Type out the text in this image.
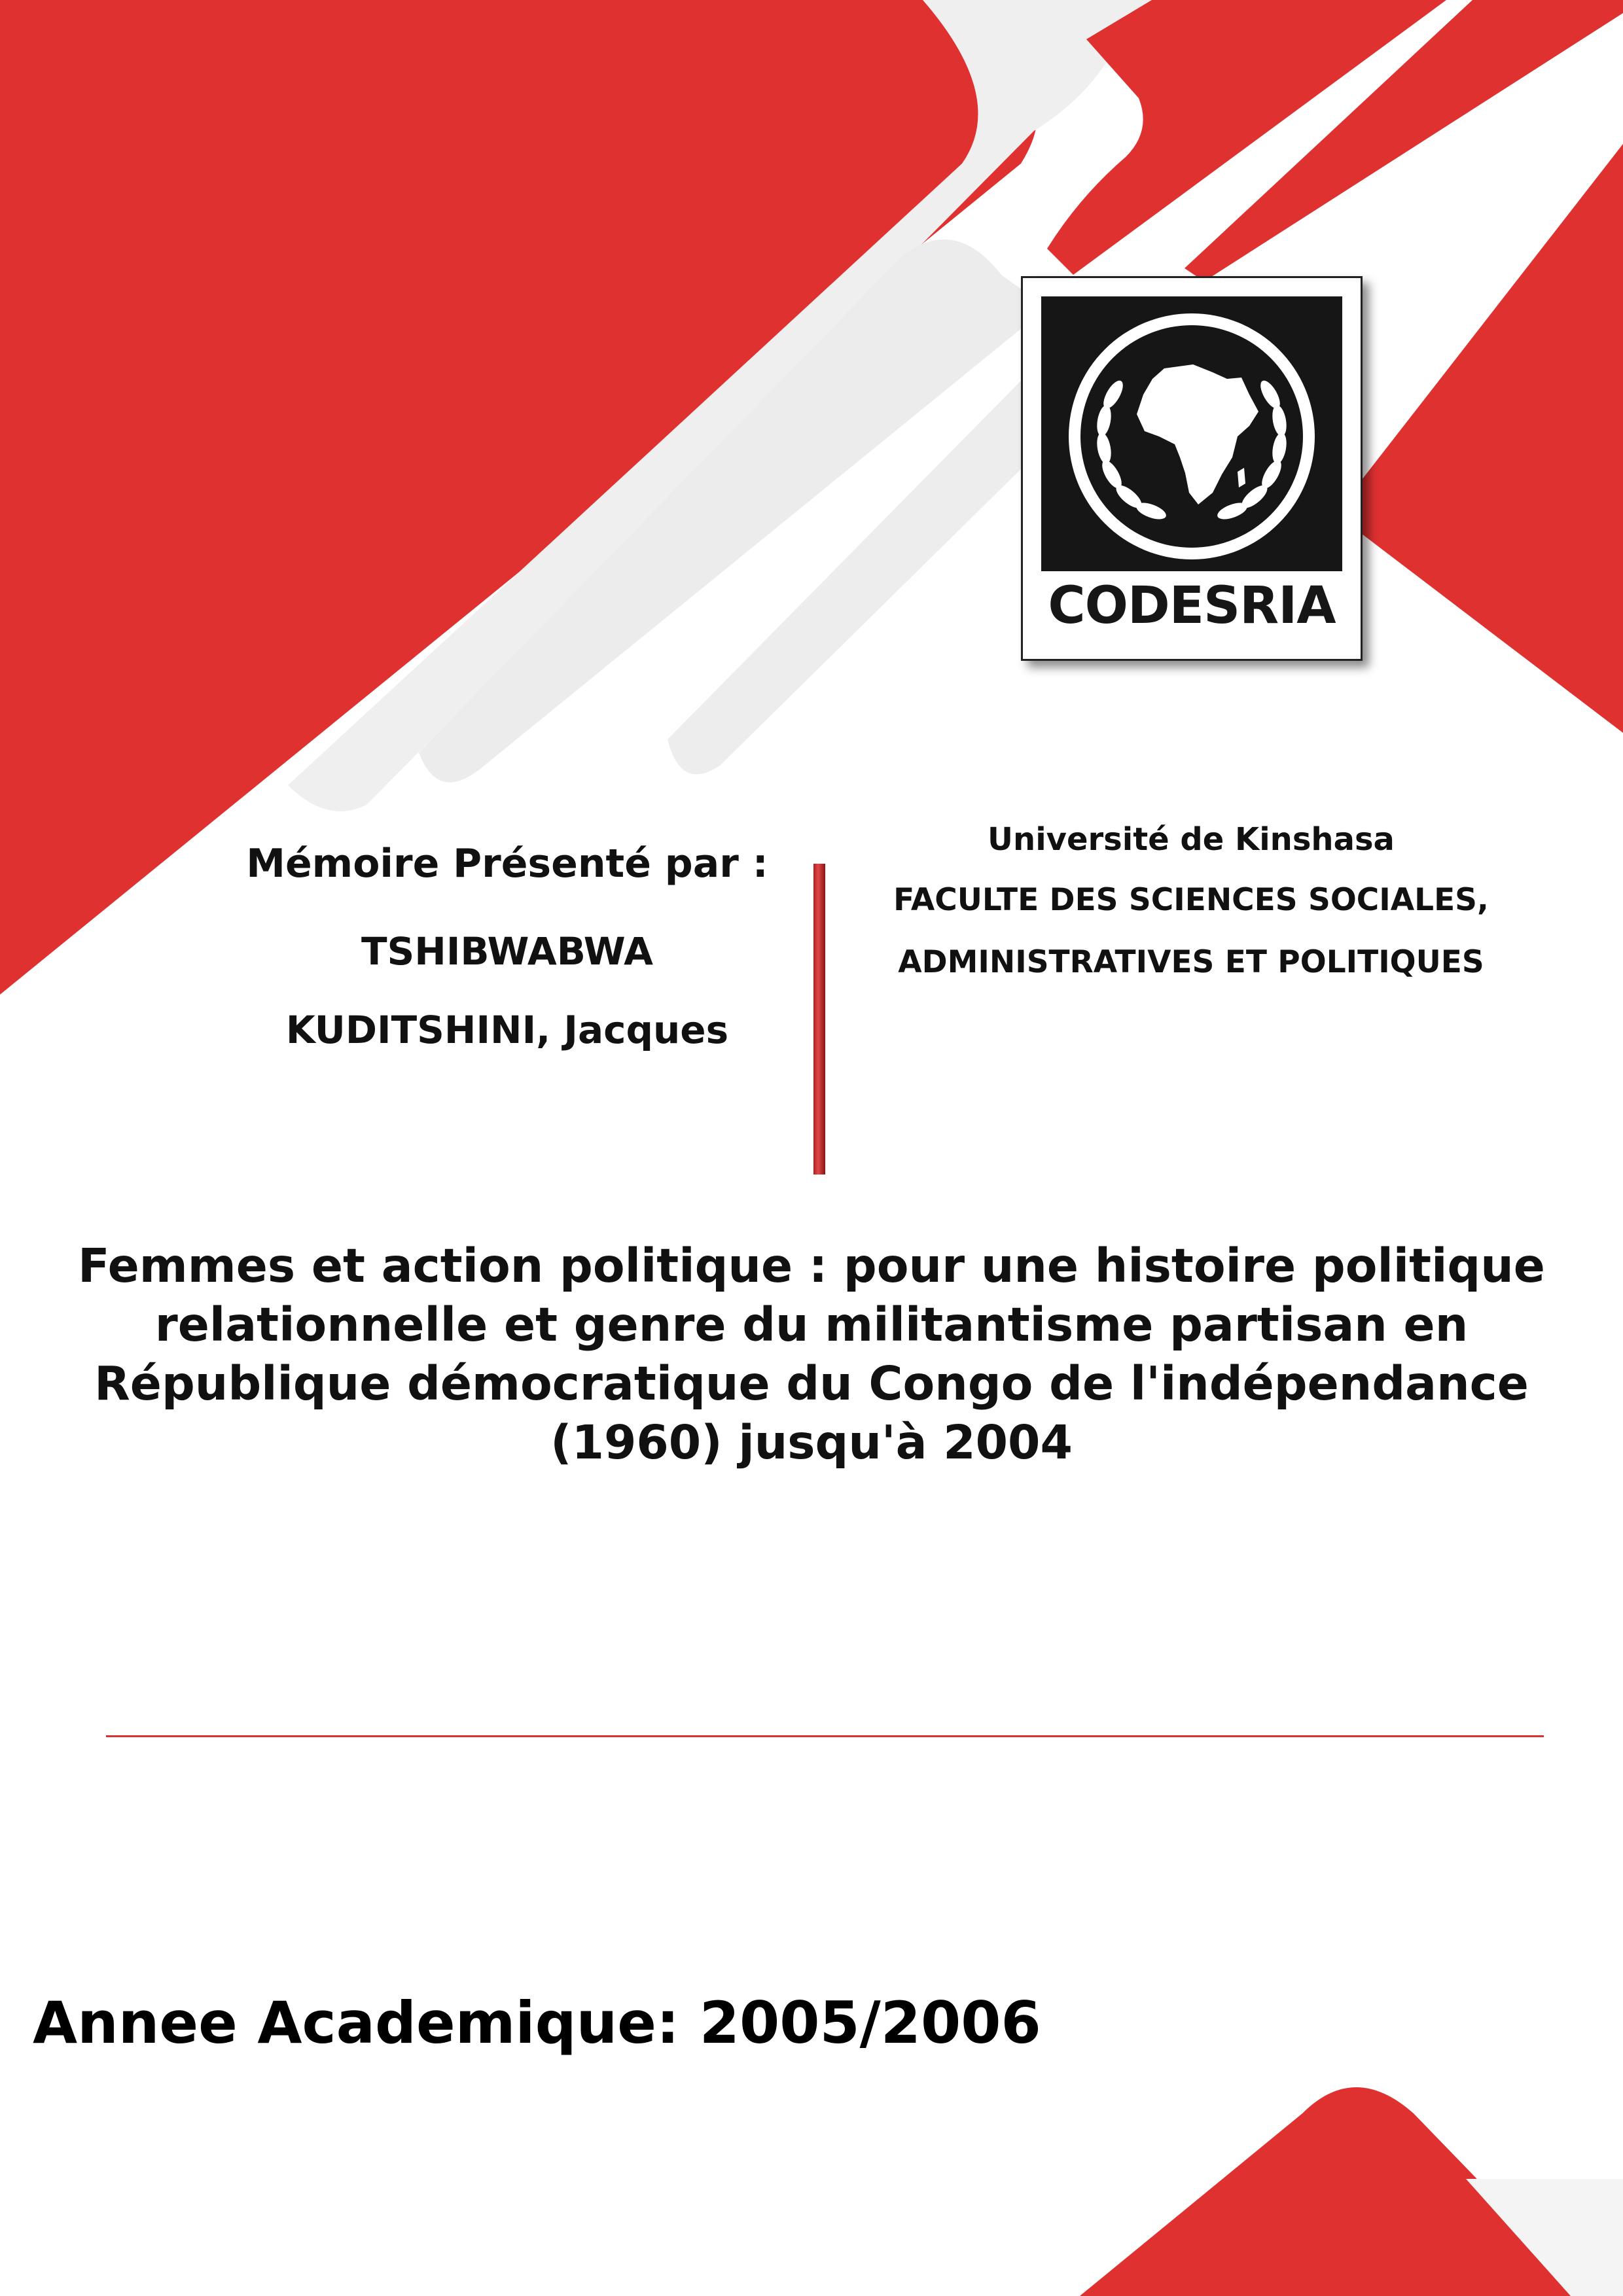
CODESRIA
Mémoire Présenté par :
TSHIBWABWA
KUDITSHINI, Jacques
Université de Kinshasa
FACULTE DES SCIENCES SOCIALES,
ADMINISTRATIVES ET POLITIQUES
Femmes et action politique : pour une histoire politique
relationnelle et genre du militantisme partisan en
République démocratique du Congo de l'indépendance
(1960) jusqu'à 2004
Annee Academique: 2005/2006
